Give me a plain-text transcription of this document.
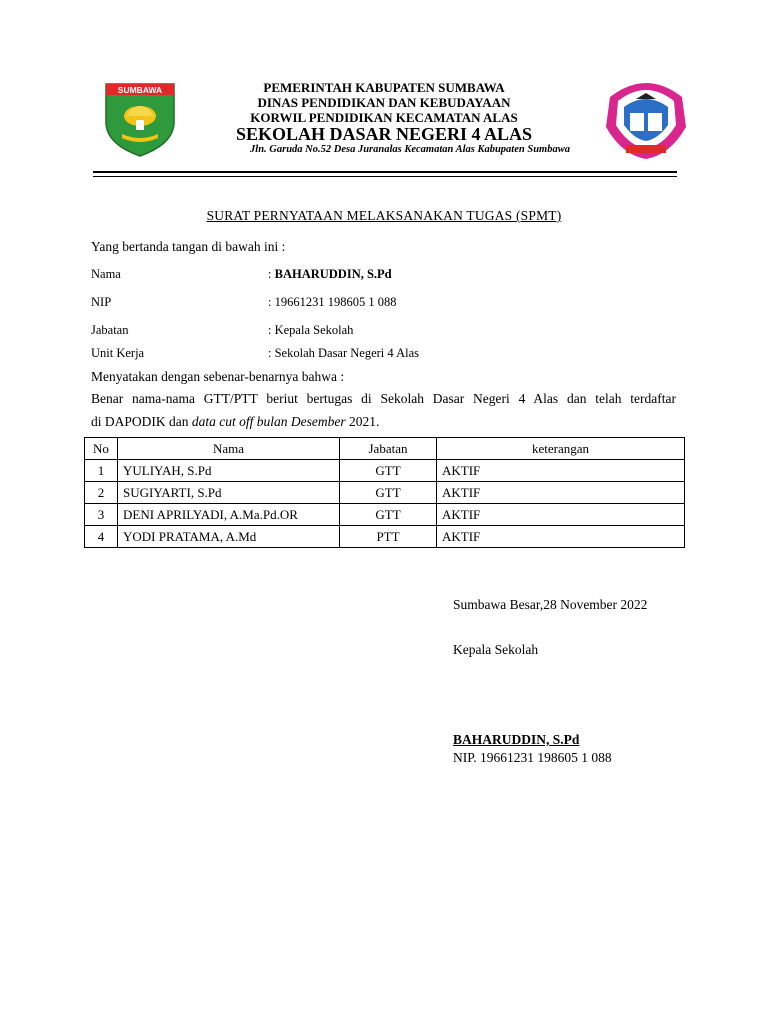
SUMBAWA	PEMERINTAH KABUPATEN SUMBAWA
DINAS PENDIDIKAN DAN KEBUDAYAAN
KORWIL PENDIDIKAN KECAMATAN ALAS
SEKOLAH DASAR NEGERI 4 ALAS
Jln. Garuda No.52 Desa Juranalas Kecamatan Alas Kabupaten Sumbawa
SURAT PERNYATAAN MELAKSANAKAN TUGAS (SPMT)
Yang bertanda tangan di bawah ini :
Nama	: BAHARUDDIN, S.Pd
NIP	: 19661231 198605 1 088
Jabatan	: Kepala Sekolah
Unit Kerja	: Sekolah Dasar Negeri 4 Alas
Menyatakan dengan sebenar-benarnya bahwa :
Benar nama-nama GTT/PTT beriut bertugas di Sekolah Dasar Negeri 4 Alas dan telah terdaftar
di DAPODIK dan data cut off bulan Desember 2021.
No	Nama	Jabatan	keterangan
1	YULIYAH, S.Pd	GTT	AKTIF
2	SUGIYARTI, S.Pd	GTT	AKTIF
3	DENI APRILYADI, A.Ma.Pd.OR	GTT	AKTIF
4	YODI PRATAMA, A.Md	PTT	AKTIF
Sumbawa Besar,28 November 2022
Kepala Sekolah
BAHARUDDIN, S.Pd
NIP. 19661231 198605 1 088
